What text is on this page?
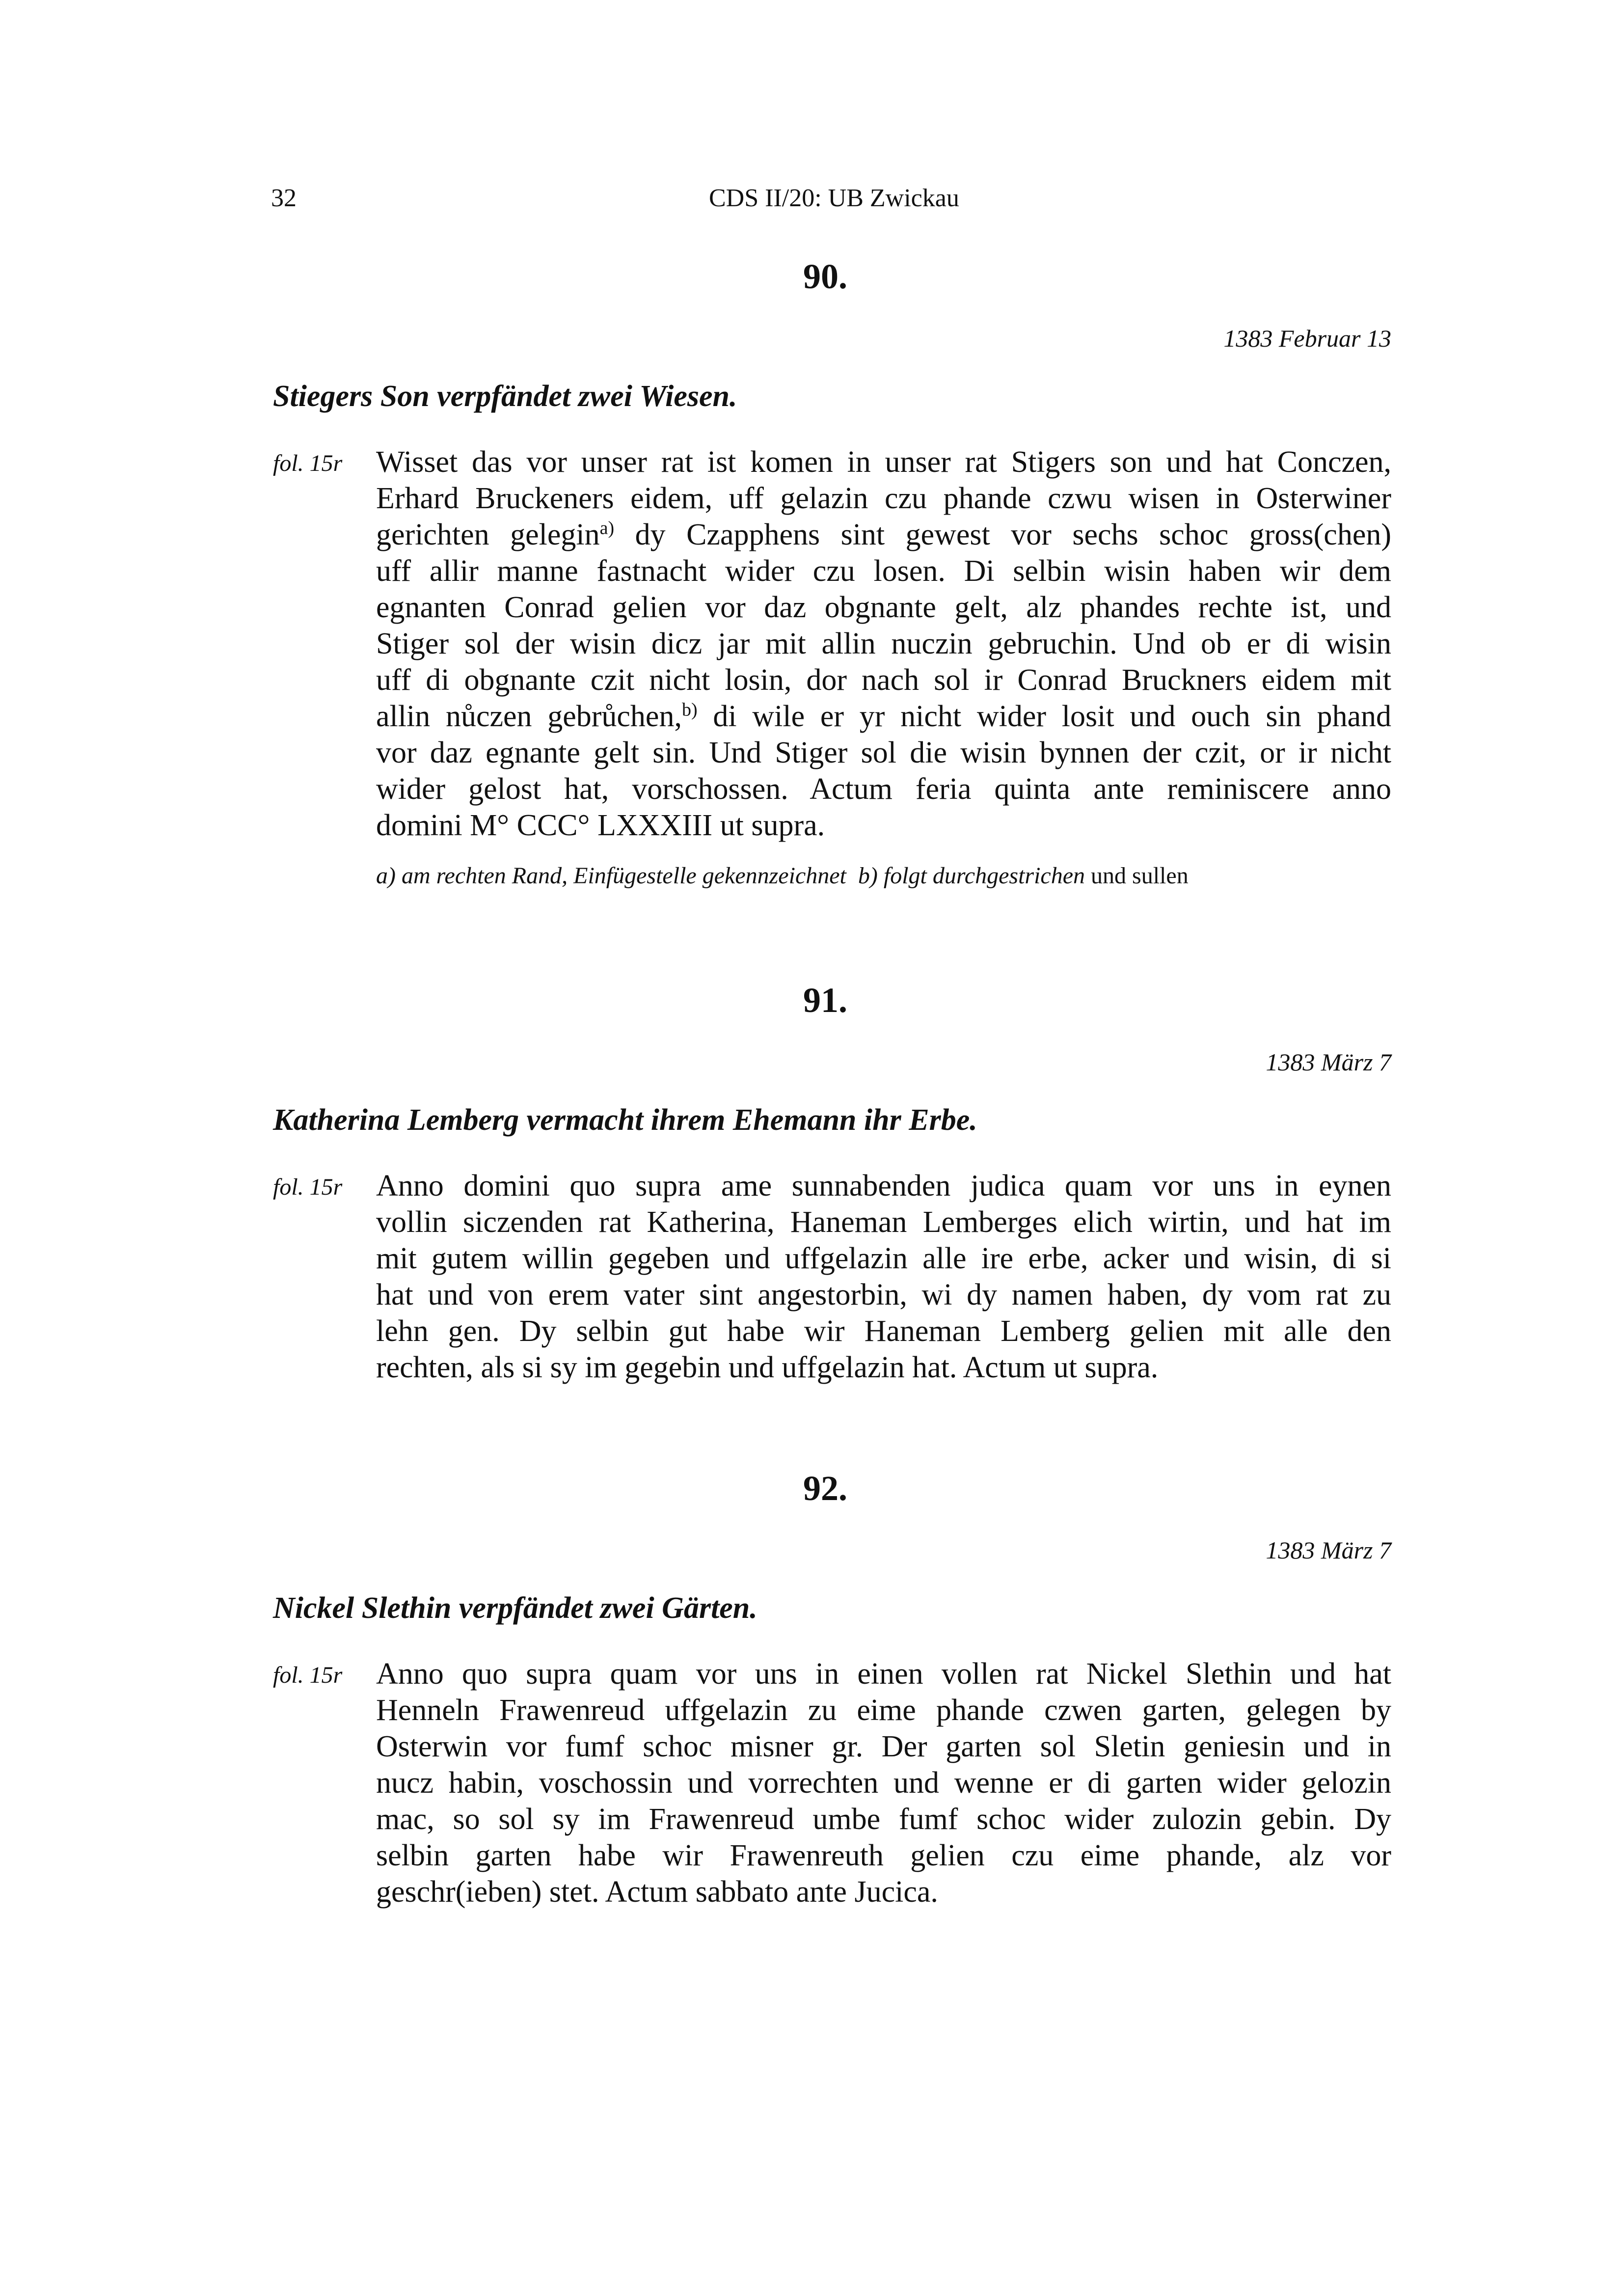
32	CDS II/20: UB Zwickau
90.
1383 Februar 13
Stiegers Son verpfändet zwei Wiesen.
fol. 15r Wisset das vor unser rat ist komen in unser rat Stigers son und hat Conczen,
Erhard Bruckeners eidem, uff gelazin czu phande czwu wisen in Osterwiner
gerichten gelegin$^{a)}$ dy Czapphens sint gewest vor sechs schoc gross(chen)
uff allir manne fastnacht wider czu losen. Di selbin wisin haben wir dem
egnanten Conrad gelien vor daz obgnante gelt, alz phandes rechte ist, und
Stiger sol der wisin dicz jar mit allin nuczin gebruchin. Und ob er di wisin
uff di obgnante czit nicht losin, dor nach sol ir Conrad Bruckners eidem mit
allin nůczen gebrůchen,$^{b)}$ di wile er yr nicht wider losit und ouch sin phand
vor daz egnante gelt sin. Und Stiger sol die wisin bynnen der czit, or ir nicht
wider gelost hat, vorschossen. Actum feria quinta ante reminiscere anno
domini M° CCC° LXXXIII ut supra.
a) am rechten Rand, Einfügestelle gekennzeichnet b) folgt durchgestrichen und sullen
91.
1383 März 7
Katherina Lemberg vermacht ihrem Ehemann ihr Erbe.
fol. 15r Anno domini quo supra ame sunnabenden judica quam vor uns in eynen
vollin siczenden rat Katherina, Haneman Lemberges elich wirtin, und hat im
mit gutem willin gegeben und uffgelazin alle ire erbe, acker und wisin, di si
hat und von erem vater sint angestorbin, wi dy namen haben, dy vom rat zu
lehn gen. Dy selbin gut habe wir Haneman Lemberg gelien mit alle den
rechten, als si sy im gegebin und uffgelazin hat. Actum ut supra.
92.
1383 März 7
Nickel Slethin verpfändet zwei Gärten.
fol. 15r Anno quo supra quam vor uns in einen vollen rat Nickel Slethin und hat
Henneln Frawenreud uffgelazin zu eime phande czwen garten, gelegen by
Osterwin vor fumf schoc misner gr. Der garten sol Sletin geniesin und in
nucz habin, voschossin und vorrechten und wenne er di garten wider gelozin
mac, so sol sy im Frawenreud umbe fumf schoc wider zulozin gebin. Dy
selbin garten habe wir Frawenreuth gelien czu eime phande, alz vor
geschr(ieben) stet. Actum sabbato ante Jucica.
